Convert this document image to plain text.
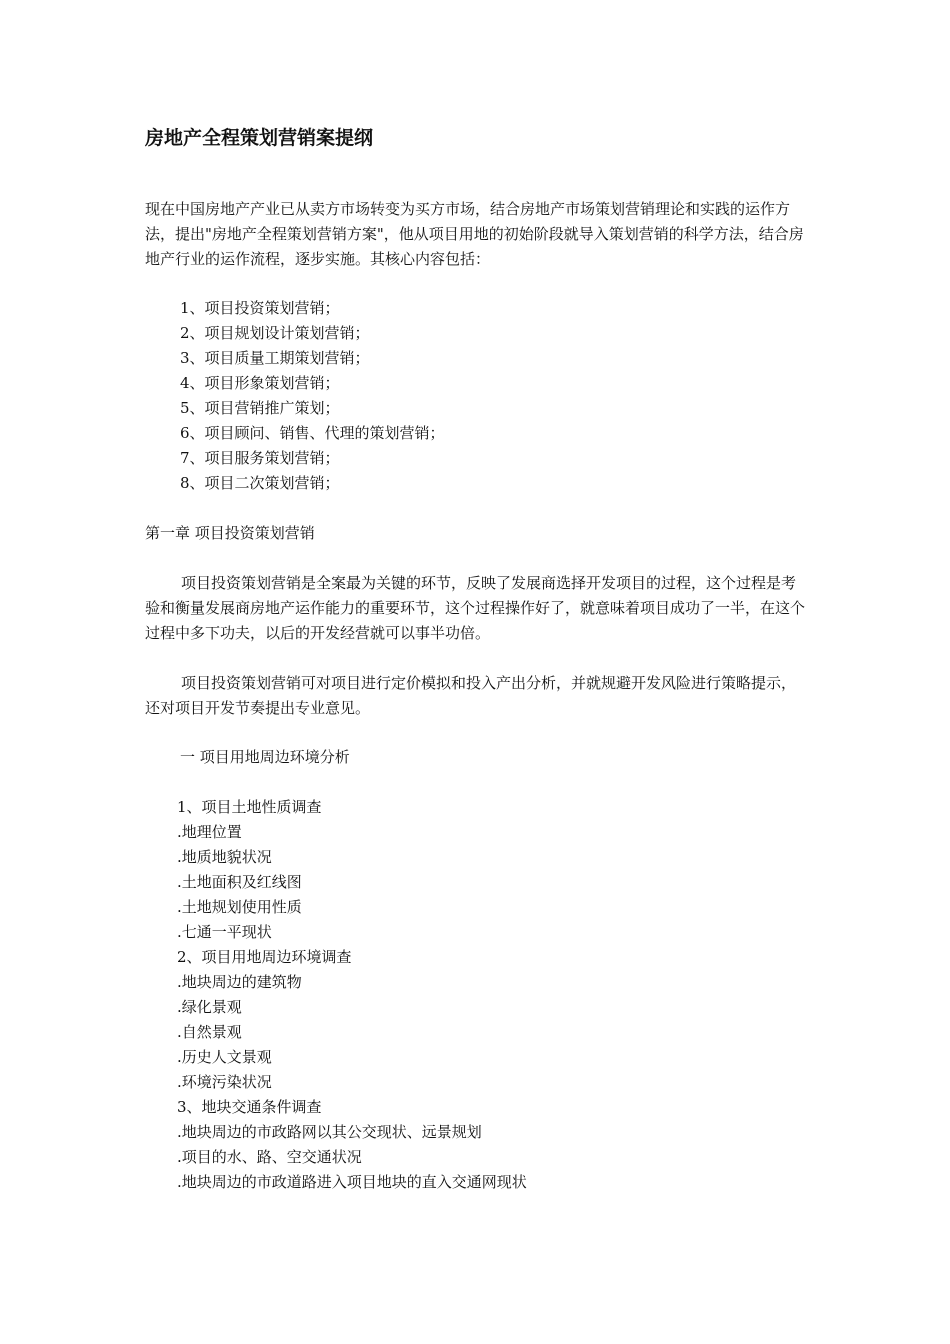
房地产全程策划营销案提纲

现在中国房地产产业已从卖方市场转变为买方市场，结合房地产市场策划营销理论和实践的运作方法，提出"房地产全程策划营销方案"，他从项目用地的初始阶段就导入策划营销的科学方法，结合房地产行业的运作流程，逐步实施。其核心内容包括：

1、项目投资策划营销；
2、项目规划设计策划营销；
3、项目质量工期策划营销；
4、项目形象策划营销；
5、项目营销推广策划；
6、项目顾问、销售、代理的策划营销；
7、项目服务策划营销；
8、项目二次策划营销；

第一章 项目投资策划营销

项目投资策划营销是全案最为关键的环节，反映了发展商选择开发项目的过程，这个过程是考验和衡量发展商房地产运作能力的重要环节，这个过程操作好了，就意味着项目成功了一半，在这个过程中多下功夫，以后的开发经营就可以事半功倍。

项目投资策划营销可对项目进行定价模拟和投入产出分析，并就规避开发风险进行策略提示，还对项目开发节奏提出专业意见。

一 项目用地周边环境分析

1、项目土地性质调查
.地理位置
.地质地貌状况
.土地面积及红线图
.土地规划使用性质
.七通一平现状
2、项目用地周边环境调查
.地块周边的建筑物
.绿化景观
.自然景观
.历史人文景观
.环境污染状况
3、地块交通条件调查
.地块周边的市政路网以其公交现状、远景规划
.项目的水、路、空交通状况
.地块周边的市政道路进入项目地块的直入交通网现状
